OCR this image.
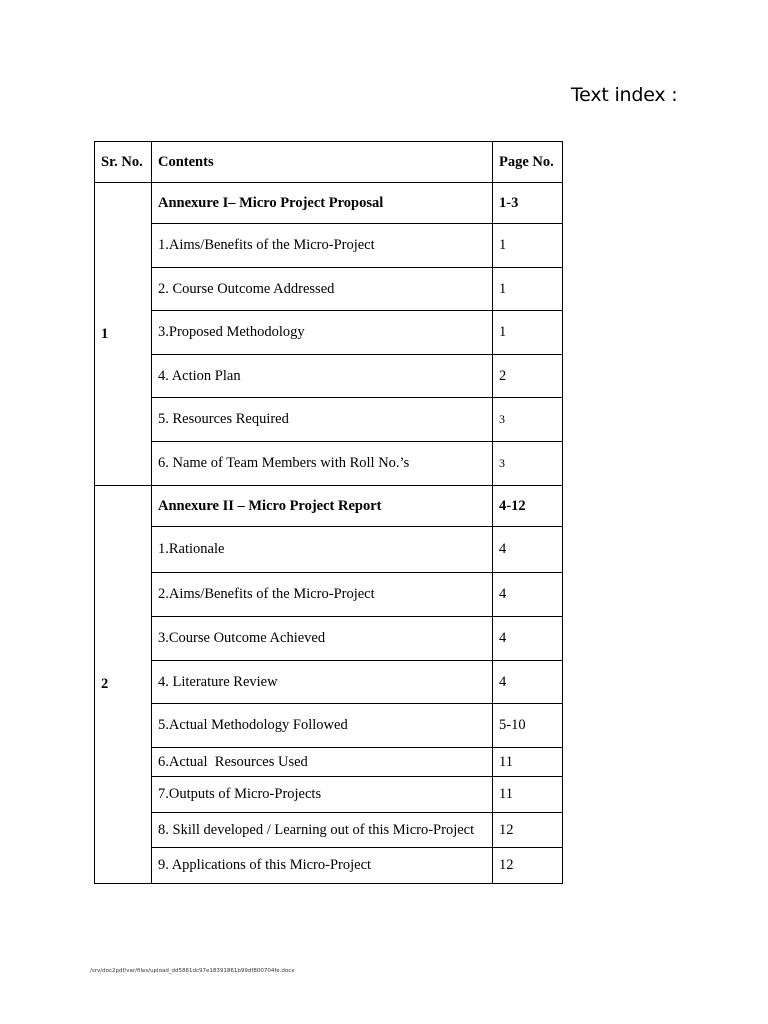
Text index :
Sr. No.	Contents	Page No.
1	Annexure I– Micro Project Proposal	1-3
	1.Aims/Benefits of the Micro-Project	1
	2. Course Outcome Addressed	1
	3.Proposed Methodology	1
	4. Action Plan	2
	5. Resources Required	3
	6. Name of Team Members with Roll No.’s	3
2	Annexure II – Micro Project Report	4-12
	1.Rationale	4
	2.Aims/Benefits of the Micro-Project	4
	3.Course Outcome Achieved	4
	4. Literature Review	4
	5.Actual Methodology Followed	5-10
	6.Actual  Resources Used	11
	7.Outputs of Micro-Projects	11
	8. Skill developed / Learning out of this Micro-Project	12
	9. Applications of this Micro-Project	12
/srv/doc2pdf/var/files/upload_dd5861dc97e18391861b99df800704fe.docx
